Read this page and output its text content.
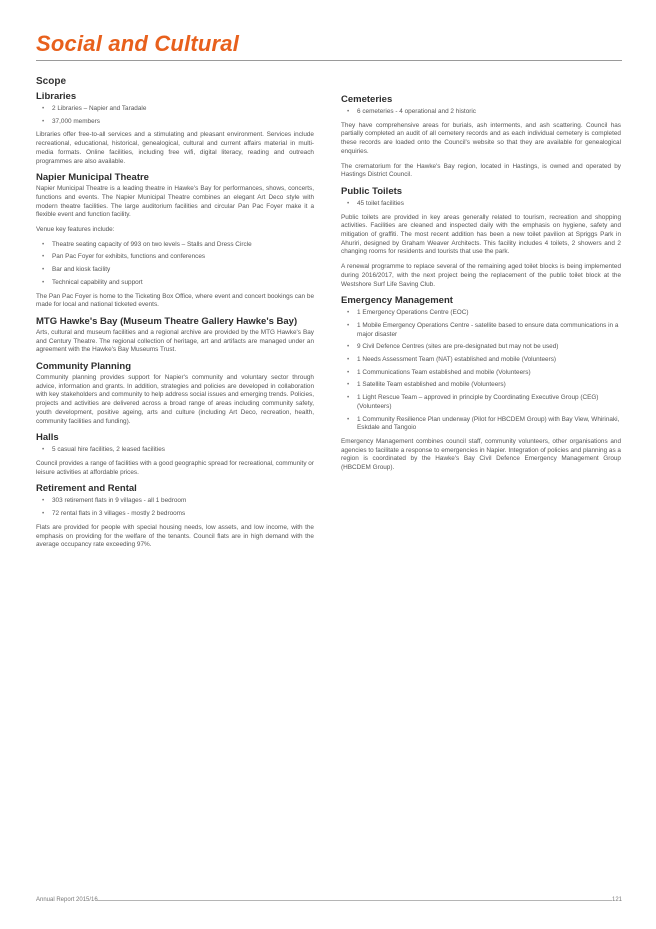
Social and Cultural
Scope
Libraries
• 2 Libraries – Napier and Taradale
• 37,000 members
Libraries offer free-to-all services and a stimulating and pleasant environment. Services include recreational, educational, historical, genealogical, cultural and current affairs material in multi-media formats. Online facilities, including free wifi, digital literacy, reading and outreach programmes are also available.
Napier Municipal Theatre
Napier Municipal Theatre is a leading theatre in Hawke's Bay for performances, shows, concerts, functions and events. The Napier Municipal Theatre combines an elegant Art Deco style with modern theatre facilities. The large auditorium facilities and circular Pan Pac Foyer make it a flexible event and function facility.
Venue key features include:
• Theatre seating capacity of 993 on two levels – Stalls and Dress Circle
• Pan Pac Foyer for exhibits, functions and conferences
• Bar and kiosk facility
• Technical capability and support
The Pan Pac Foyer is home to the Ticketing Box Office, where event and concert bookings can be made for local and national ticketed events.
MTG Hawke's Bay (Museum Theatre Gallery Hawke's Bay)
Arts, cultural and museum facilities and a regional archive are provided by the MTG Hawke's Bay and Century Theatre. The regional collection of heritage, art and artifacts are managed under an agreement with the Hawke's Bay Museums Trust.
Community Planning
Community planning provides support for Napier's community and voluntary sector through advice, information and grants. In addition, strategies and policies are developed in collaboration with key stakeholders and community to help address social issues and emerging trends. Policies, projects and activities are delivered across a broad range of areas including community safety, youth development, positive ageing, arts and culture (including Art Deco, recreation, health, community facilities and funding).
Halls
• 5 casual hire facilities, 2 leased facilities
Council provides a range of facilities with a good geographic spread for recreational, community or leisure activities at affordable prices.
Retirement and Rental
• 303 retirement flats in 9 villages - all 1 bedroom
• 72 rental flats in 3 villages - mostly 2 bedrooms
Flats are provided for people with special housing needs, low assets, and low income, with the emphasis on providing for the welfare of the tenants. Council flats are in high demand with the average occupancy rate exceeding 97%.
Cemeteries
• 6 cemeteries - 4 operational and 2 historic
They have comprehensive areas for burials, ash interments, and ash scattering. Council has partially completed an audit of all cemetery records and as each individual cemetery is completed these records are loaded onto the Council's website so that they are available for genealogical enquiries.
The crematorium for the Hawke's Bay region, located in Hastings, is owned and operated by Hastings District Council.
Public Toilets
• 45 toilet facilities
Public toilets are provided in key areas generally related to tourism, recreation and shopping activities. Facilities are cleaned and inspected daily with the emphasis on hygiene, safety and mitigation of graffiti. The most recent addition has been a new toilet pavilion at Spriggs Park in Ahuriri, designed by Graham Weaver Architects. This facility includes 4 toilets, 2 showers and 2 changing rooms for residents and tourists that use the park.
A renewal programme to replace several of the remaining aged toilet blocks is being implemented during 2016/2017, with the next project being the replacement of the public toilet block at the Westshore Surf Life Saving Club.
Emergency Management
• 1 Emergency Operations Centre (EOC)
• 1 Mobile Emergency Operations Centre - satellite based to ensure data communications in a major disaster
• 9 Civil Defence Centres (sites are pre-designated but may not be used)
• 1 Needs Assessment Team (NAT) established and mobile (Volunteers)
• 1 Communications Team established and mobile (Volunteers)
• 1 Satellite Team established and mobile (Volunteers)
• 1 Light Rescue Team – approved in principle by Coordinating Executive Group (CEG) (Volunteers)
• 1 Community Resilience Plan underway (Pilot for HBCDEM Group) with Bay View, Whirinaki, Eskdale and Tangoio
Emergency Management combines council staff, community volunteers, other organisations and agencies to facilitate a response to emergencies in Napier. Integration of policies and planning as a region is coordinated by the Hawke's Bay Civil Defence Emergency Management Group (HBCDEM Group).
Annual Report 2015/16	121
